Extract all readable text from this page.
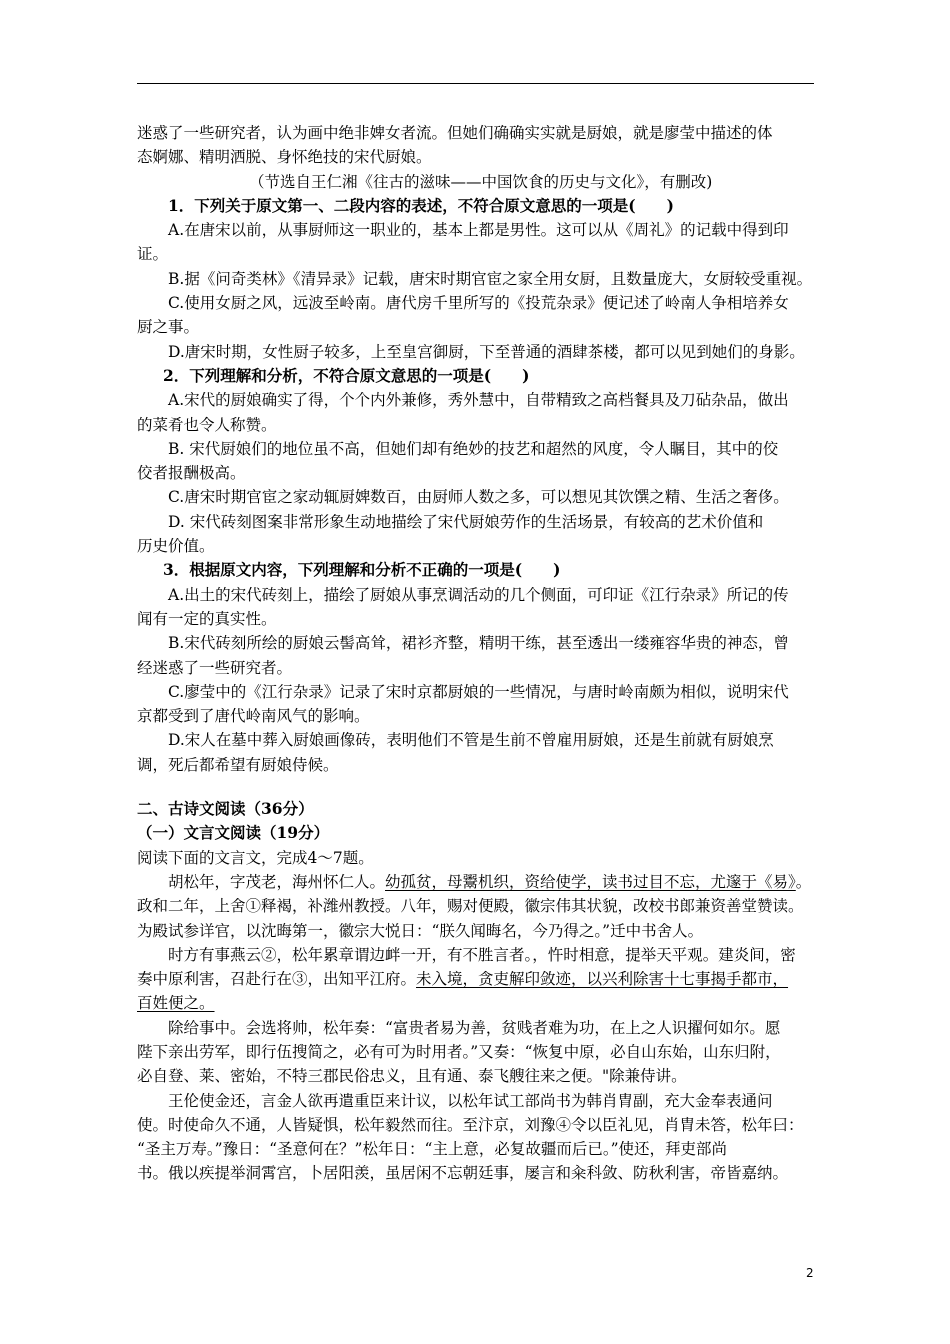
迷惑了一些研究者，认为画中绝非婢女者流。但她们确确实实就是厨娘，就是廖莹中描述的体
态婀娜、精明洒脱、身怀绝技的宋代厨娘。
（节选自王仁湘《往古的滋味——中国饮食的历史与文化》，有删改)
1．下列关于原文第一、二段内容的表述，不符合原文意思的一项是(　　)
A.在唐宋以前，从事厨师这一职业的，基本上都是男性。这可以从《周礼》的记载中得到印
证。
B.据《问奇类林》《清异录》记载，唐宋时期官宦之家全用女厨，且数量庞大，女厨较受重视。
C.使用女厨之风，远波至岭南。唐代房千里所写的《投荒杂录》便记述了岭南人争相培养女
厨之事。
D.唐宋时期，女性厨子较多，上至皇宫御厨，下至普通的酒肆茶楼，都可以见到她们的身影。
2．下列理解和分析，不符合原文意思的一项是(　　)
A.宋代的厨娘确实了得，个个内外兼修，秀外慧中，自带精致之高档餐具及刀砧杂品，做出
的菜肴也令人称赞。
B. 宋代厨娘们的地位虽不高，但她们却有绝妙的技艺和超然的风度，令人瞩目，其中的佼
佼者报酬极高。
C.唐宋时期官宦之家动辄厨婢数百，由厨师人数之多，可以想见其饮馔之精、生活之奢侈。
D. 宋代砖刻图案非常形象生动地描绘了宋代厨娘劳作的生活场景，有较高的艺术价值和
历史价值。
3．根据原文内容，下列理解和分析不正确的一项是(　　)
A.出土的宋代砖刻上，描绘了厨娘从事烹调活动的几个侧面，可印证《江行杂录》所记的传
闻有一定的真实性。
B.宋代砖刻所绘的厨娘云髻高耸，裙衫齐整，精明干练，甚至透出一缕雍容华贵的神态，曾
经迷惑了一些研究者。
C.廖莹中的《江行杂录》记录了宋时京都厨娘的一些情况，与唐时岭南颇为相似，说明宋代
京都受到了唐代岭南风气的影响。
D.宋人在墓中葬入厨娘画像砖，表明他们不管是生前不曾雇用厨娘，还是生前就有厨娘烹
调，死后都希望有厨娘侍候。
二、古诗文阅读（36分）
（一）文言文阅读（19分）
阅读下面的文言文，完成4～7题。
胡松年，字茂老，海州怀仁人。幼孤贫，母鬻机织，资给使学，读书过目不忘，尤邃于《易》。
政和二年，上舍①释褐，补潍州教授。八年，赐对便殿，徽宗伟其状貌，改校书郎兼资善堂赞读。
为殿试参详官，以沈晦第一，徽宗大悦日：“朕久闻晦名，今乃得之。”迁中书舍人。
时方有事燕云②，松年累章谓边衅一开，有不胜言者。，忤时相意，提举天平观。建炎间，密
奏中原利害，召赴行在③，出知平江府。未入境，贪吏解印敛迹，以兴利除害十七事揭手都市，
百姓便之。
除给事中。会选将帅，松年奏：“富贵者易为善，贫贱者难为功，在上之人识擢何如尔。愿
陛下亲出劳军，即行伍搜简之，必有可为时用者。”又奏：“恢复中原，必自山东始，山东归附，
必自登、莱、密始，不特三郡民俗忠义，且有通、泰飞艘往来之便。"除兼侍讲。
王伦使金还，言金人欲再遣重臣来计议，以松年试工部尚书为韩肖胄副，充大金奉表通问
使。时使命久不通，人皆疑惧，松年毅然而往。至汴京，刘豫④令以臣礼见，肖胄未答，松年曰：
“圣主万寿。”豫日：“圣意何在？”松年日：“主上意，必复故疆而后已。”使还，拜吏部尚
书。俄以疾提举洞霄宫，卜居阳羡，虽居闲不忘朝廷事，屡言和籴科敛、防秋利害，帝皆嘉纳。
2
